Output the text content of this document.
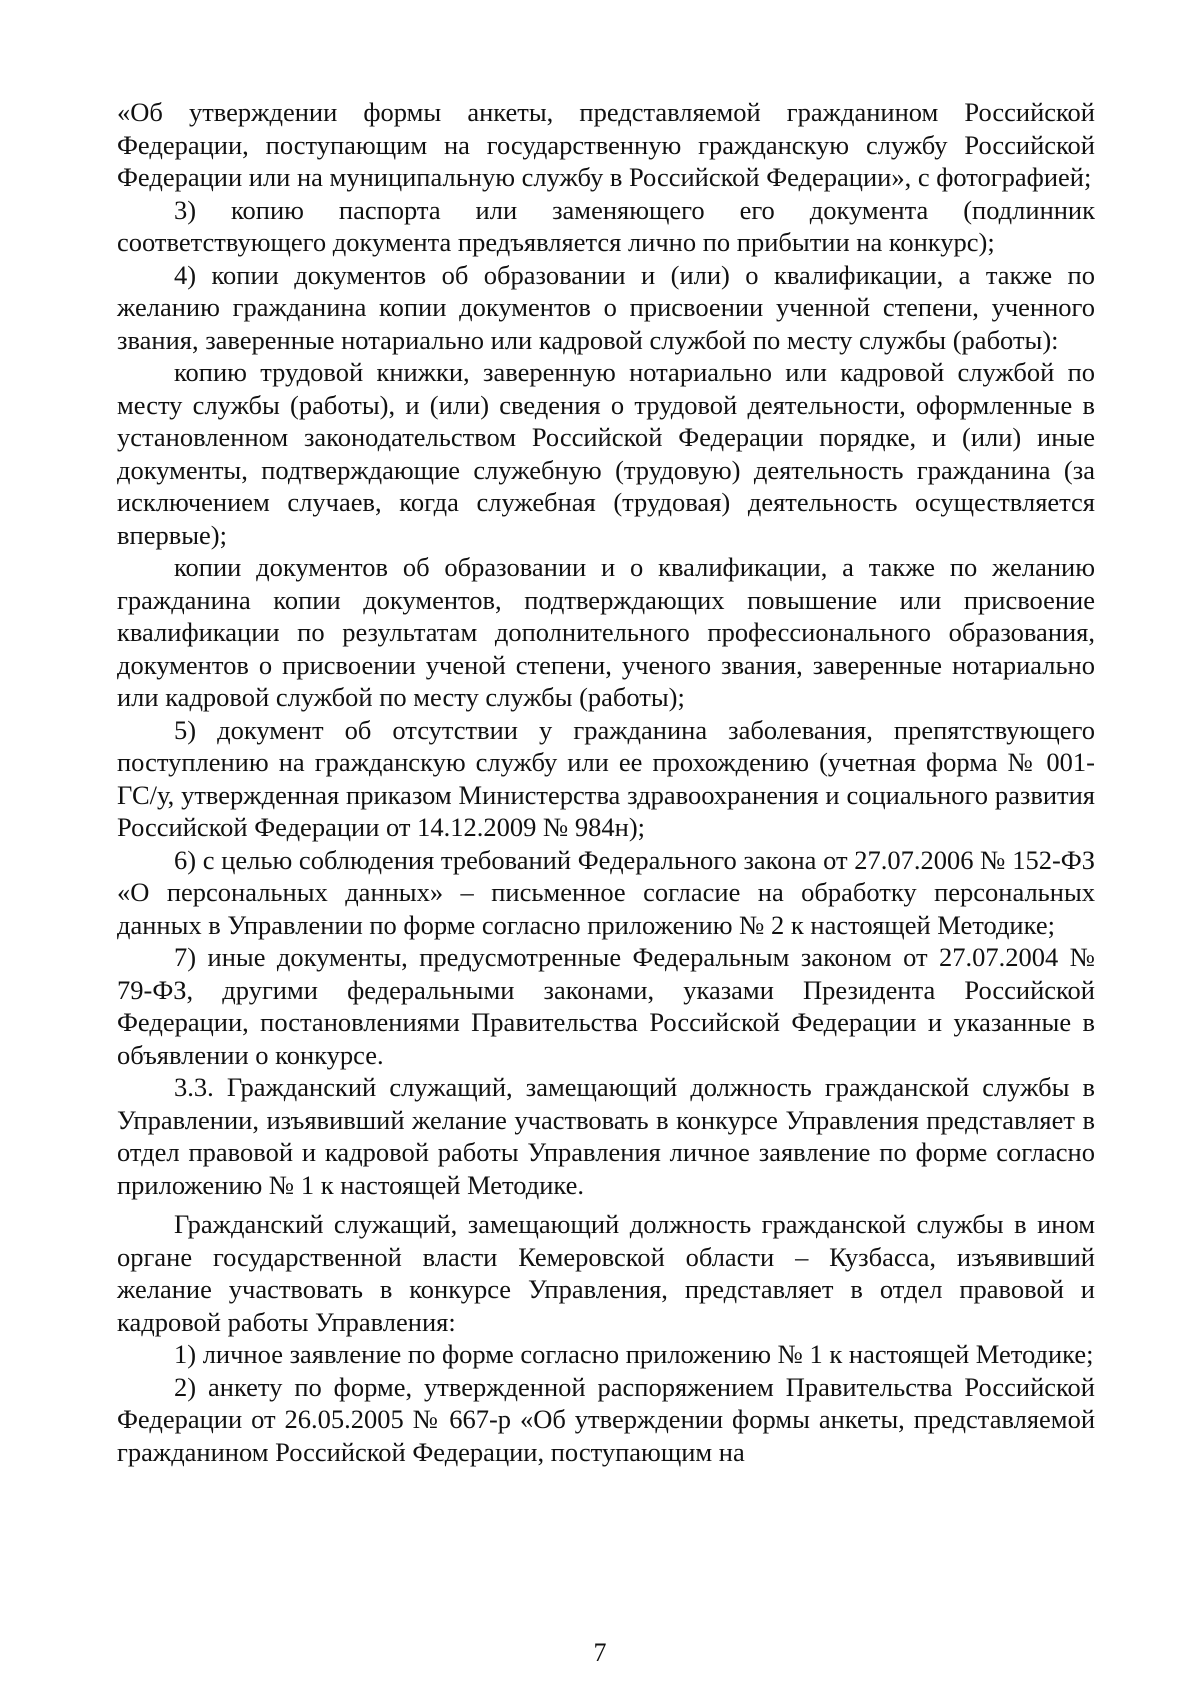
«Об утверждении формы анкеты, представляемой гражданином Российской Федерации, поступающим на государственную гражданскую службу Российской Федерации или на муниципальную службу в Российской Федерации», с фотографией;

3) копию паспорта или заменяющего его документа (подлинник соответствующего документа предъявляется лично по прибытии на конкурс);

4) копии документов об образовании и (или) о квалификации, а также по желанию гражданина копии документов о присвоении ученной степени, ученного звания, заверенные нотариально или кадровой службой по месту службы (работы):

копию трудовой книжки, заверенную нотариально или кадровой службой по месту службы (работы), и (или) сведения о трудовой деятельности, оформленные в установленном законодательством Российской Федерации порядке, и (или) иные документы, подтверждающие служебную (трудовую) деятельность гражданина (за исключением случаев, когда служебная (трудовая) деятельность осуществляется впервые);

копии документов об образовании и о квалификации, а также по желанию гражданина копии документов, подтверждающих повышение или присвоение квалификации по результатам дополнительного профессионального образования, документов о присвоении ученой степени, ученого звания, заверенные нотариально или кадровой службой по месту службы (работы);

5) документ об отсутствии у гражданина заболевания, препятствующего поступлению на гражданскую службу или ее прохождению (учетная форма № 001-ГС/у, утвержденная приказом Министерства здравоохранения и социального развития Российской Федерации от 14.12.2009 № 984н);

6) с целью соблюдения требований Федерального закона от 27.07.2006 № 152-ФЗ «О персональных данных» – письменное согласие на обработку персональных данных в Управлении по форме согласно приложению № 2 к настоящей Методике;

7) иные документы, предусмотренные Федеральным законом от 27.07.2004 № 79-ФЗ, другими федеральными законами, указами Президента Российской Федерации, постановлениями Правительства Российской Федерации и указанные в объявлении о конкурсе.

3.3. Гражданский служащий, замещающий должность гражданской службы в Управлении, изъявивший желание участвовать в конкурсе Управления представляет в отдел правовой и кадровой работы Управления личное заявление по форме согласно приложению № 1 к настоящей Методике.

Гражданский служащий, замещающий должность гражданской службы в ином органе государственной власти Кемеровской области – Кузбасса, изъявивший желание участвовать в конкурсе Управления, представляет в отдел правовой и кадровой работы Управления:

1) личное заявление по форме согласно приложению № 1 к настоящей Методике;

2) анкету по форме, утвержденной распоряжением Правительства Российской Федерации от 26.05.2005 № 667-р «Об утверждении формы анкеты, представляемой гражданином Российской Федерации, поступающим на

7
